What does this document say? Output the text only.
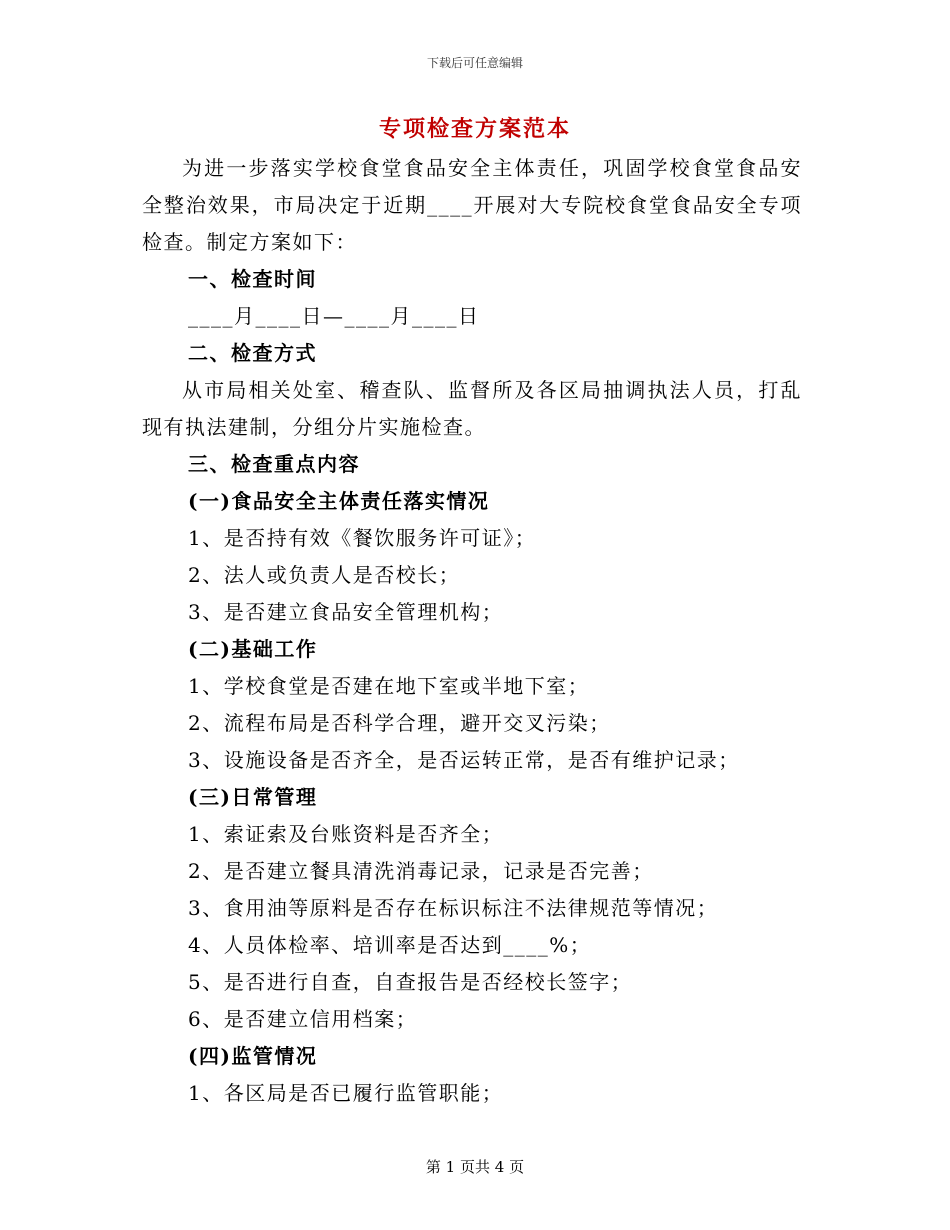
下载后可任意编辑
专项检查方案范本

为进一步落实学校食堂食品安全主体责任，巩固学校食堂食品安全整治效果，市局决定于近期____开展对大专院校食堂食品安全专项检查。制定方案如下：

一、检查时间
____月____日—____月____日
二、检查方式

从市局相关处室、稽查队、监督所及各区局抽调执法人员，打乱现有执法建制，分组分片实施检查。

三、检查重点内容
(一)食品安全主体责任落实情况
1、是否持有效《餐饮服务许可证》；
2、法人或负责人是否校长；
3、是否建立食品安全管理机构；
(二)基础工作
1、学校食堂是否建在地下室或半地下室；
2、流程布局是否科学合理，避开交叉污染；
3、设施设备是否齐全，是否运转正常，是否有维护记录；
(三)日常管理
1、索证索及台账资料是否齐全；
2、是否建立餐具清洗消毒记录，记录是否完善；
3、食用油等原料是否存在标识标注不法律规范等情况；
4、人员体检率、培训率是否达到____%；
5、是否进行自查，自查报告是否经校长签字；
6、是否建立信用档案；
(四)监管情况
1、各区局是否已履行监管职能；
第 1 页共 4 页
